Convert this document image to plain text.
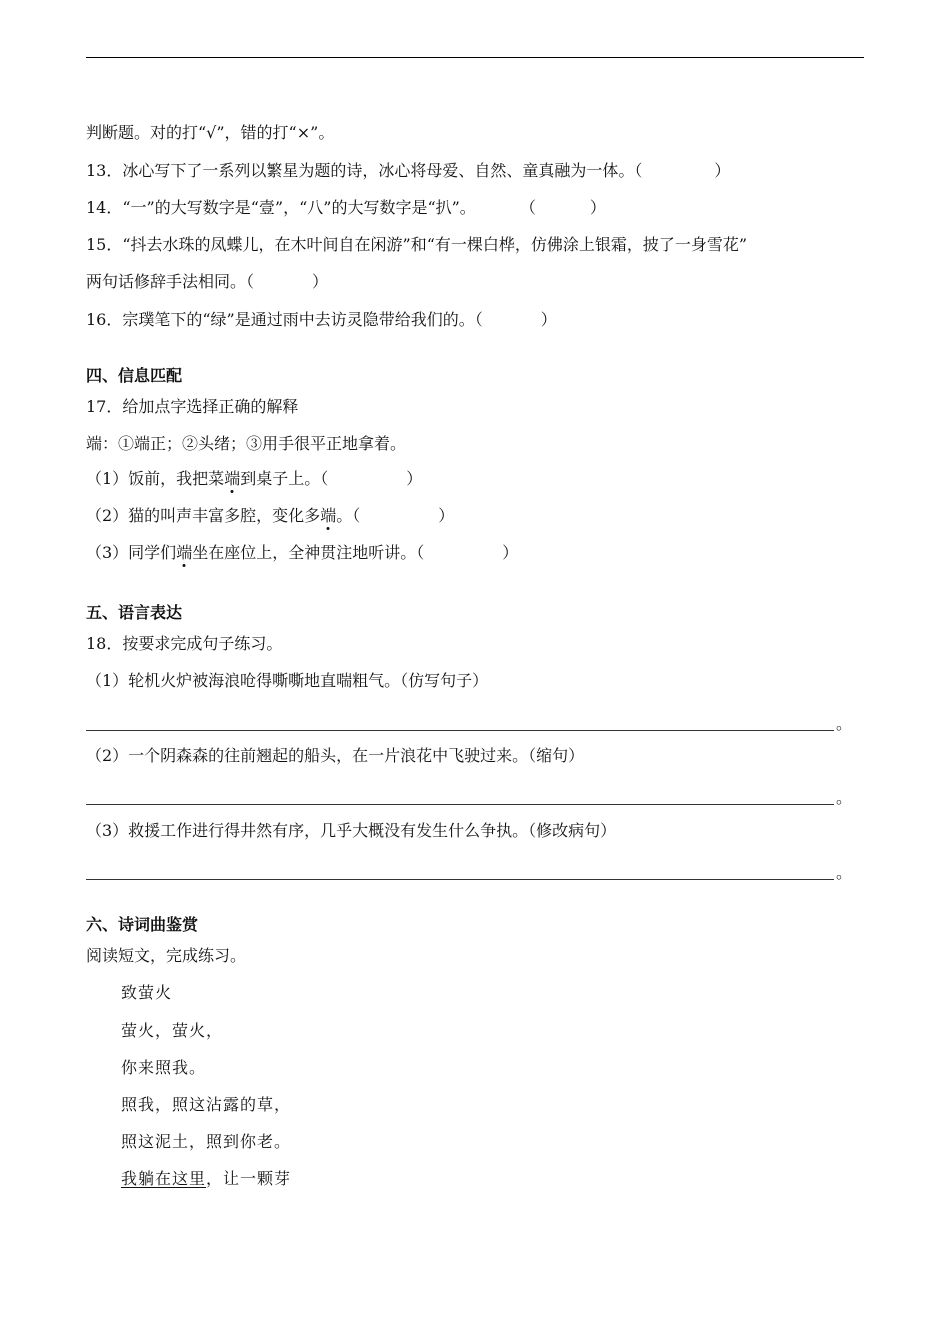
判断题。对的打“√”，错的打“×”。
13．冰心写下了一系列以繁星为题的诗，冰心将母爱、自然、童真融为一体。（	）
14．“一”的大写数字是“壹”，“八”的大写数字是“扒”。	（	）
15．“抖去水珠的凤蝶儿，在木叶间自在闲游”和“有一棵白桦，仿佛涂上银霜，披了一身雪花”
两句话修辞手法相同。（	）
16．宗璞笔下的“绿”是通过雨中去访灵隐带给我们的。（	）
四、信息匹配
17．给加点字选择正确的解释
端：①端正；②头绪；③用手很平正地拿着。
（1）饭前，我把菜端到桌子上。（	）
（2）猫的叫声丰富多腔，变化多端。（	）
（3）同学们端坐在座位上，全神贯注地听讲。（	）
五、语言表达
18．按要求完成句子练习。
（1）轮机火炉被海浪呛得嘶嘶地直喘粗气。（仿写句子）
。
（2）一个阴森森的往前翘起的船头，在一片浪花中飞驶过来。（缩句）
。
（3）救援工作进行得井然有序，几乎大概没有发生什么争执。（修改病句）
。
六、诗词曲鉴赏
阅读短文，完成练习。
致萤火
萤火，萤火，
你来照我。
照我，照这沾露的草，
照这泥土，照到你老。
我躺在这里，让一颗芽
